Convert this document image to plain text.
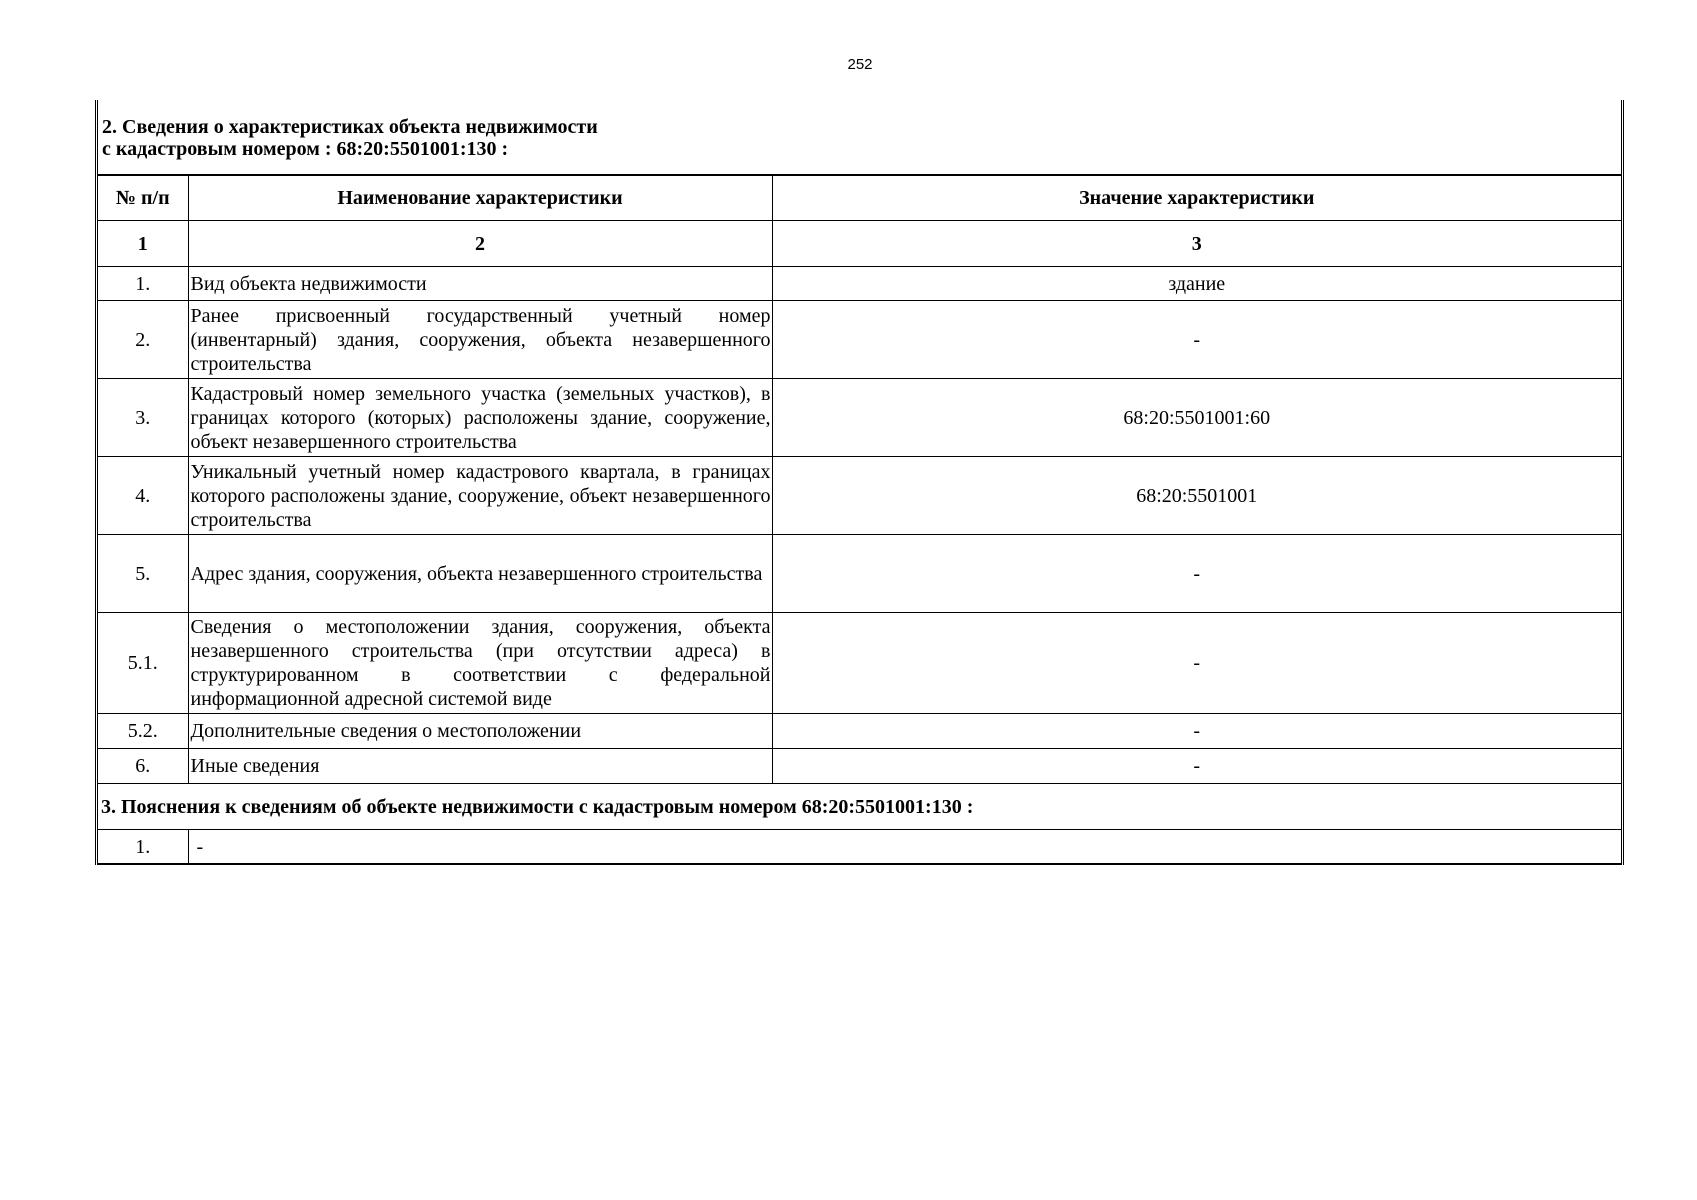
252
2. Сведения о характеристиках объекта недвижимости
с кадастровым номером : 68:20:5501001:130 :
№ п/п	Наименование характеристики	Значение характеристики
1	2	3
1.	Вид объекта недвижимости	здание
2.	Ранее присвоенный государственный учетный номер (инвентарный) здания, сооружения, объекта незавершенного строительства	-
3.	Кадастровый номер земельного участка (земельных участков), в границах которого (которых) расположены здание, сооружение, объект незавершенного строительства	68:20:5501001:60
4.	Уникальный учетный номер кадастрового квартала, в границах которого расположены здание, сооружение, объект незавершенного строительства	68:20:5501001
5.	Адрес здания, сооружения, объекта незавершенного строительства	-
5.1.	Сведения о местоположении здания, сооружения, объекта незавершенного строительства (при отсутствии адреса) в структурированном в соответствии с федеральной информационной адресной системой виде	-
5.2.	Дополнительные сведения о местоположении	-
6.	Иные сведения	-
3. Пояснения к сведениям об объекте недвижимости с кадастровым номером 68:20:5501001:130 :		
1.	-	
